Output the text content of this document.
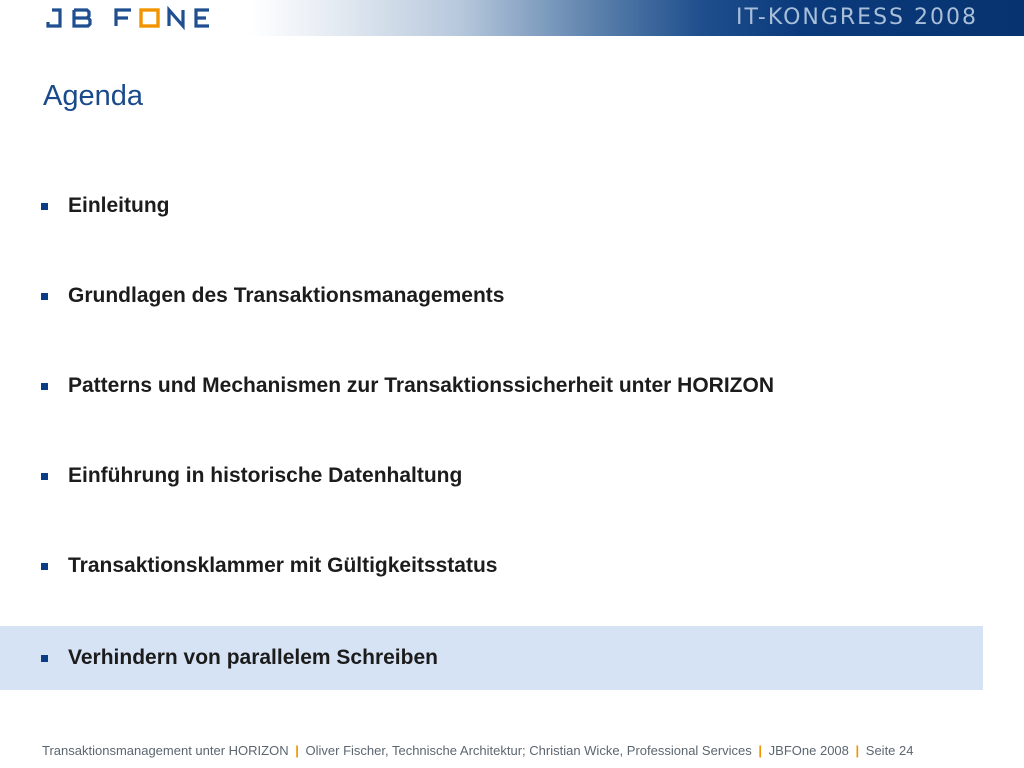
IT-KONGRESS 2008
Agenda
Einleitung
Grundlagen des Transaktionsmanagements
Patterns und Mechanismen zur Transaktionssicherheit unter HORIZON
Einführung in historische Datenhaltung
Transaktionsklammer mit Gültigkeitsstatus
Verhindern von parallelem Schreiben
Transaktionsmanagement unter HORIZON | Oliver Fischer, Technische Architektur; Christian Wicke, Professional Services | JBFOne 2008 | Seite 24
